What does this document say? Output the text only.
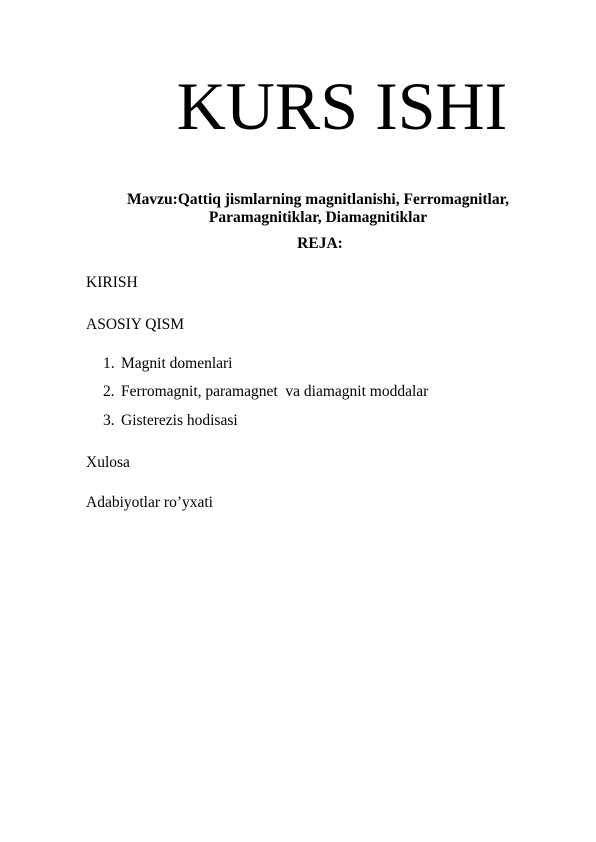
KURS ISHI
Mavzu:Qattiq jismlarning magnitlanishi, Ferromagnitlar, Paramagnitiklar, Diamagnitiklar
REJA:
KIRISH
ASOSIY QISM
1. Magnit domenlari
2. Ferromagnit, paramagnet  va diamagnit moddalar
3. Gisterezis hodisasi
Xulosa
Adabiyotlar ro’yxati
